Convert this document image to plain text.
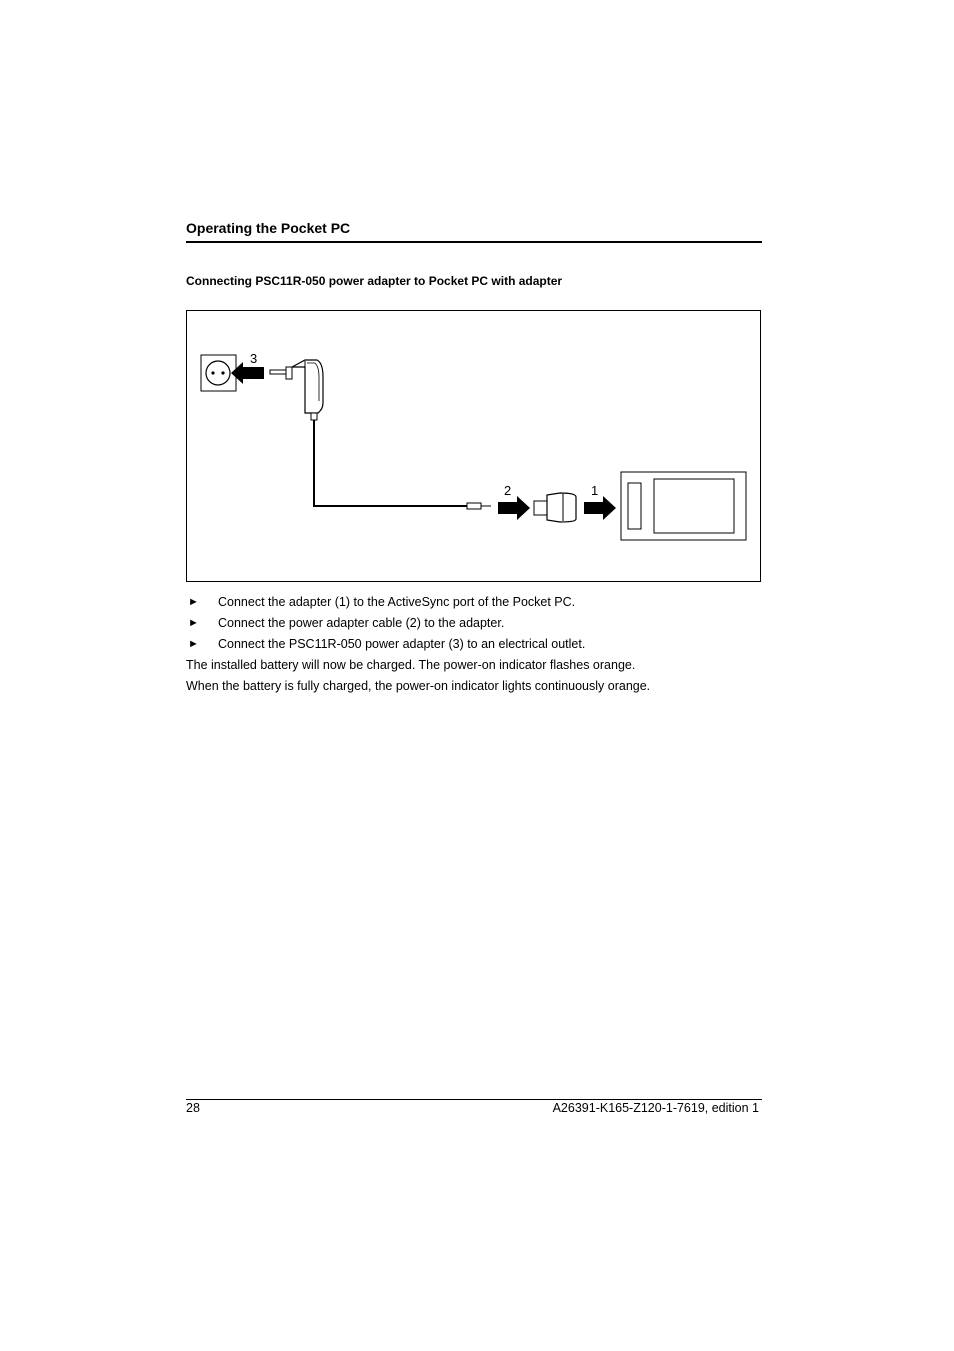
Operating the Pocket PC
Connecting PSC11R-050 power adapter to Pocket PC with adapter
3
2	1
► Connect the adapter (1) to the ActiveSync port of the Pocket PC.
► Connect the power adapter cable (2) to the adapter.
► Connect the PSC11R-050 power adapter (3) to an electrical outlet.
The installed battery will now be charged. The power-on indicator flashes orange.
When the battery is fully charged, the power-on indicator lights continuously orange.
28	A26391-K165-Z120-1-7619, edition 1
